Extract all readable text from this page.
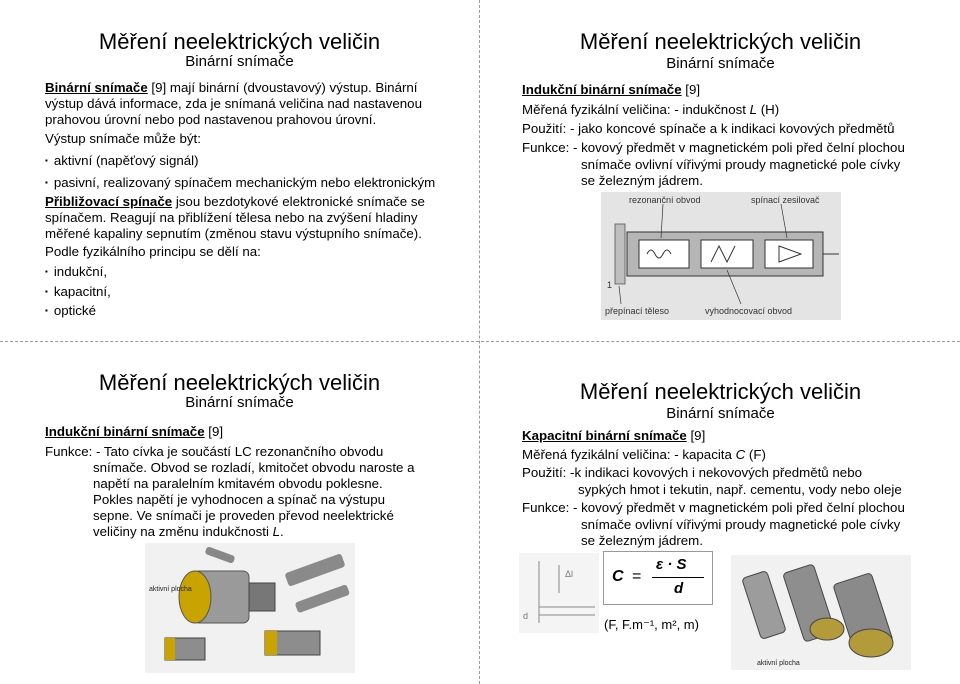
Měření neelektrických veličin
Binární snímače
Binární snímače [9] mají binární (dvoustavový) výstup. Binární
výstup dává informace, zda je snímaná veličina nad nastavenou
prahovou úrovní nebo pod nastavenou prahovou úrovní.
Výstup snímače může být:
▪ aktivní (napěťový signál)
▪ pasivní, realizovaný spínačem mechanickým nebo elektronickým
Přibližovací spínače jsou bezdotykové elektronické snímače se
spínačem. Reagují na přiblížení tělesa nebo na zvýšení hladiny
měřené kapaliny sepnutím (změnou stavu výstupního snímače).
Podle fyzikálního principu se dělí na:
▪ indukční,
▪ kapacitní,
▪ optické
Měření neelektrických veličin
Binární snímače
Indukční binární snímače [9]
Měřená fyzikální veličina: - indukčnost L (H)
Použití: - jako koncové spínače a k indikaci kovových předmětů
Funkce: - kovový předmět v magnetickém poli před čelní plochou
snímače ovlivní vířivými proudy magnetické pole cívky
se železným jádrem.
rezonanční obvod	spínací zesilovač
přepínací těleso	vyhodnocovací obvod
1
Měření neelektrických veličin
Binární snímače
Indukční binární snímače [9]
Funkce: - Tato cívka je součástí LC rezonančního obvodu
snímače. Obvod se rozladí, kmitočet obvodu naroste a
napětí na paralelním kmitavém obvodu poklesne.
Pokles napětí je vyhodnocen a spínač na výstupu
sepne. Ve snímači je proveden převod neelektrické
veličiny na změnu indukčnosti L.
aktivní plocha
Měření neelektrických veličin
Binární snímače
Kapacitní binární snímače [9]
Měřená fyzikální veličina: - kapacita C (F)
Použití: -k indikaci kovových i nekovových předmětů nebo
sypkých hmot i tekutin, např. cementu, vody nebo oleje
Funkce: - kovový předmět v magnetickém poli před čelní plochou
snímače ovlivní vířivými proudy magnetické pole cívky
se železným jádrem.
Δl
d
C =
ε · S
d
(F, F.m⁻¹, m², m)
aktivní plocha
